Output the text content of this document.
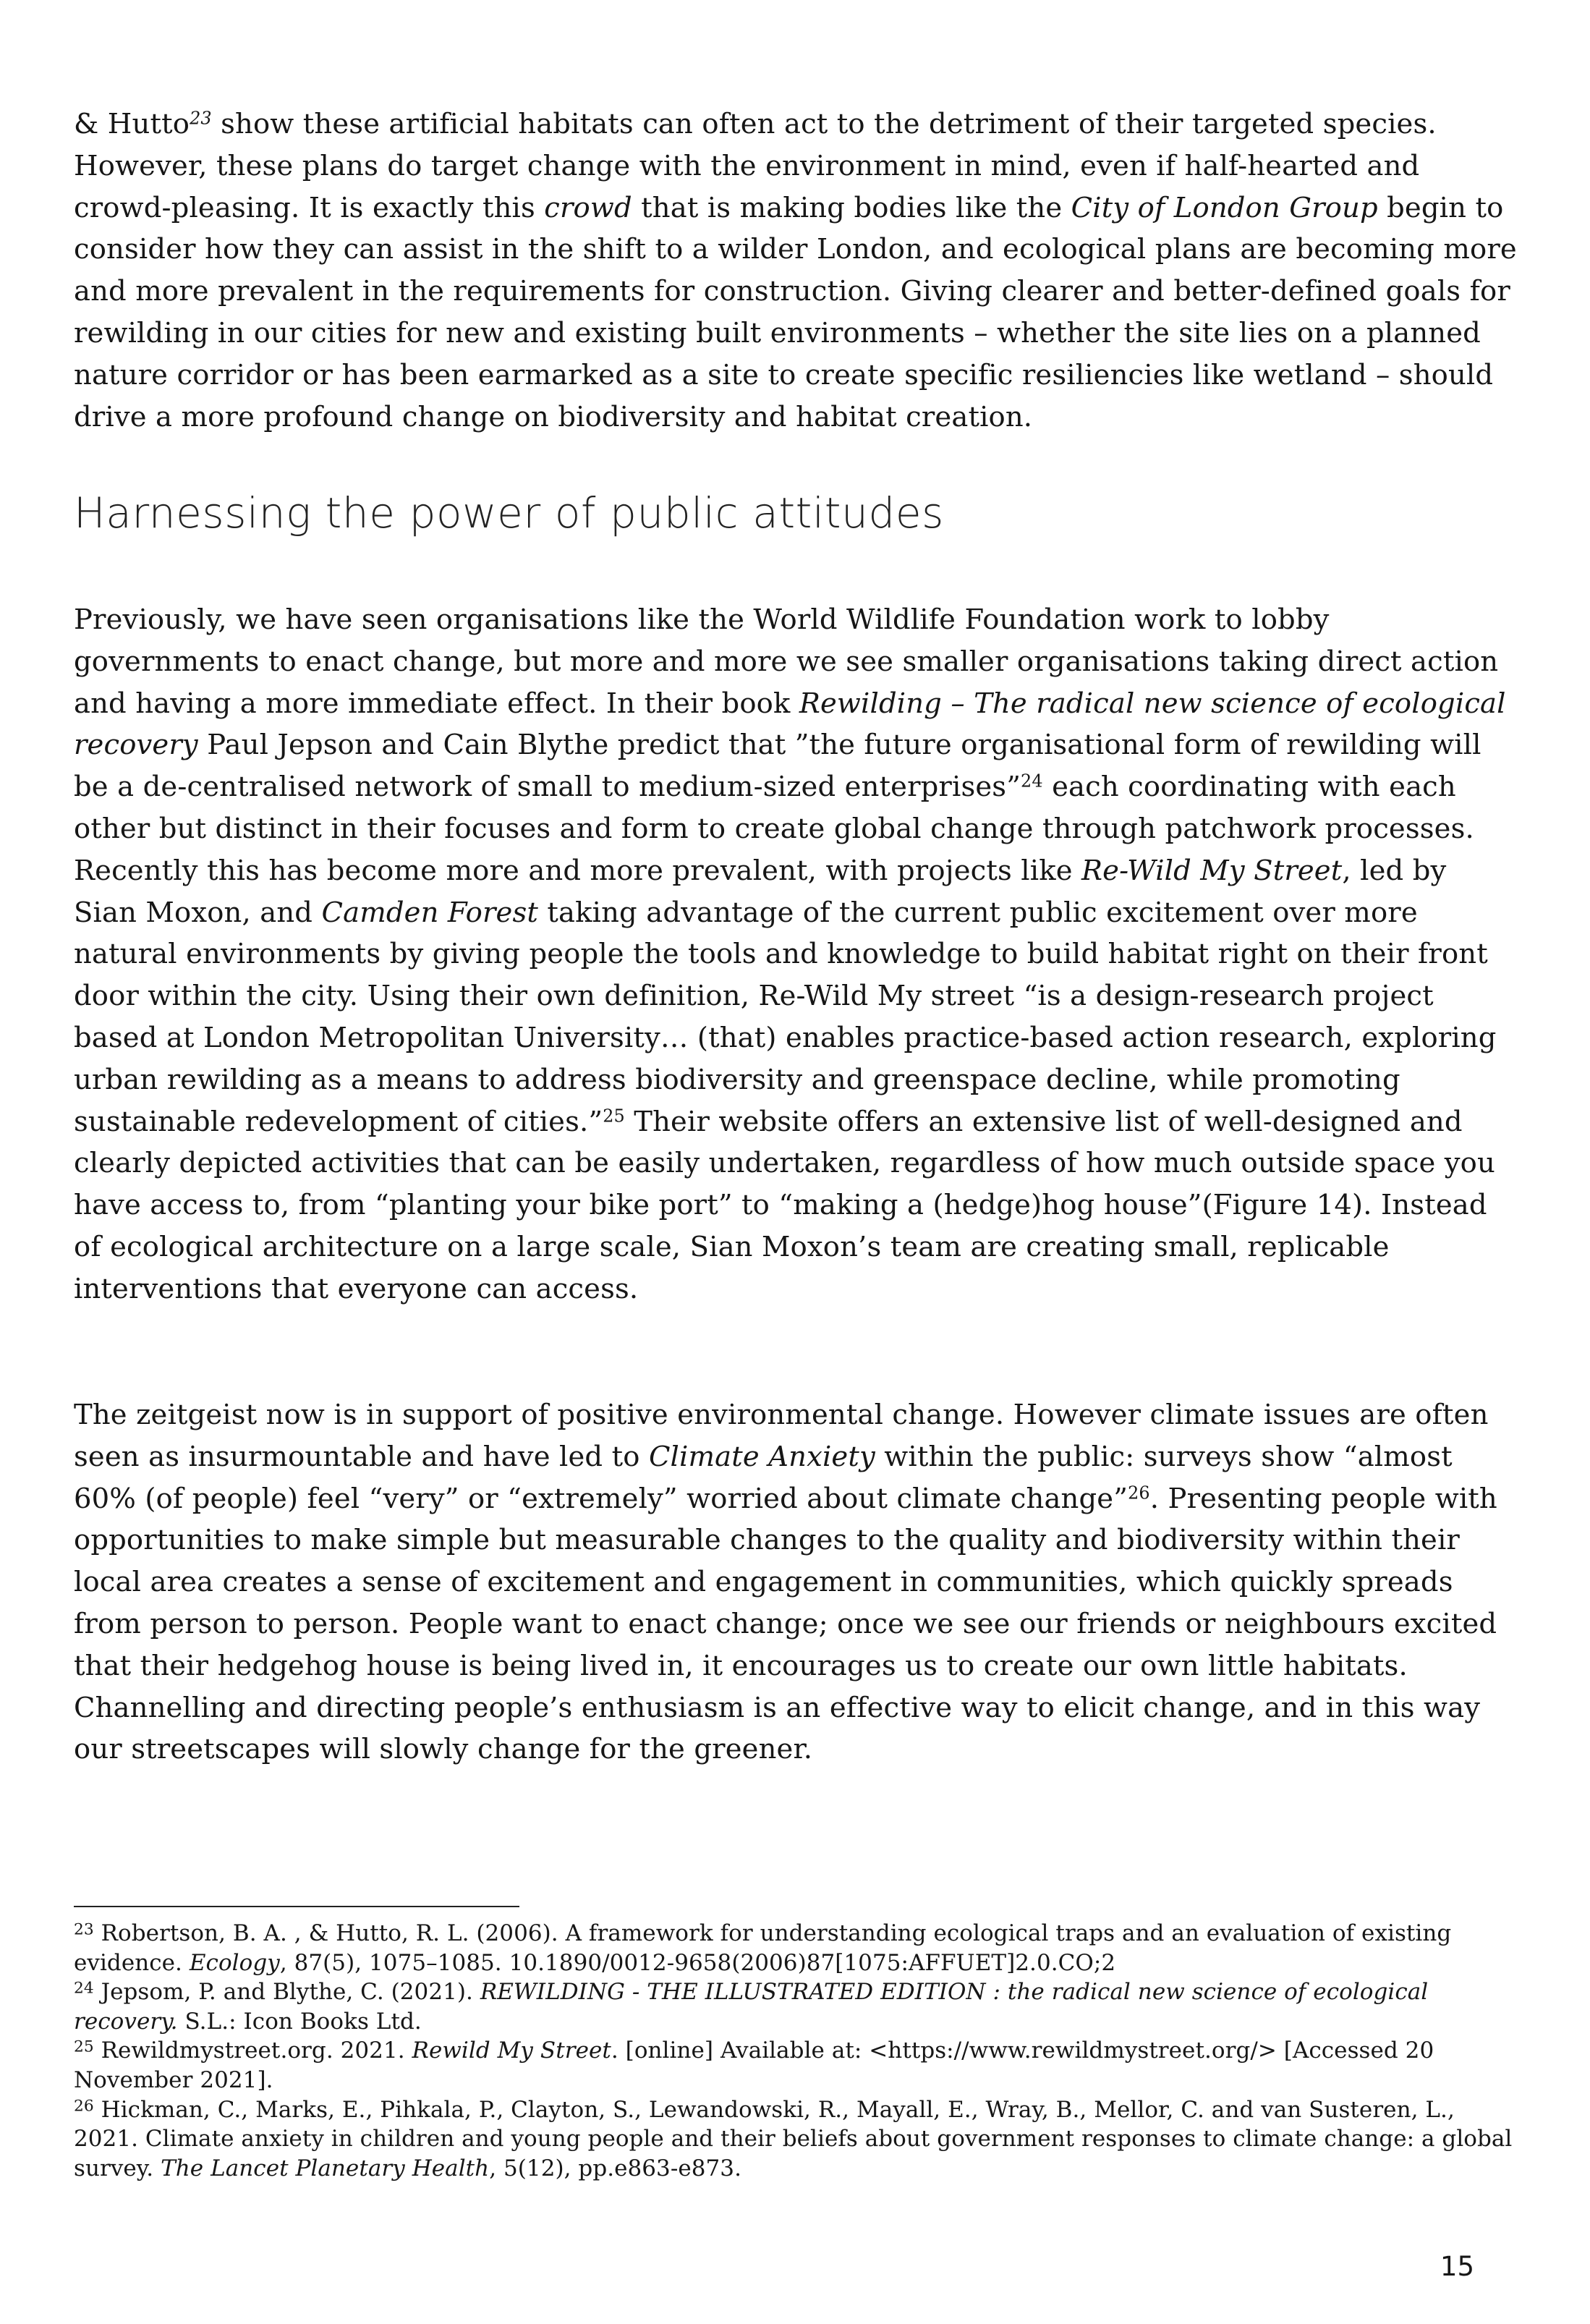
& Hutto$^{23}$ show these artificial habitats can often act to the detriment of their targeted species. However, these plans do target change with the environment in mind, even if half-hearted and crowd-pleasing. It is exactly this crowd that is making bodies like the City of London Group begin to consider how they can assist in the shift to a wilder London, and ecological plans are becoming more and more prevalent in the requirements for construction. Giving clearer and better-defined goals for rewilding in our cities for new and existing built environments – whether the site lies on a planned nature corridor or has been earmarked as a site to create specific resiliencies like wetland – should drive a more profound change on biodiversity and habitat creation.

Harnessing the power of public attitudes

Previously, we have seen organisations like the World Wildlife Foundation work to lobby governments to enact change, but more and more we see smaller organisations taking direct action and having a more immediate effect. In their book Rewilding – The radical new science of ecological recovery Paul Jepson and Cain Blythe predict that ”the future organisational form of rewilding will be a de-centralised network of small to medium-sized enterprises”$^{24}$ each coordinating with each other but distinct in their focuses and form to create global change through patchwork processes. Recently this has become more and more prevalent, with projects like Re-Wild My Street, led by Sian Moxon, and Camden Forest taking advantage of the current public excitement over more natural environments by giving people the tools and knowledge to build habitat right on their front door within the city. Using their own definition, Re-Wild My street “is a design-research project based at London Metropolitan University… (that) enables practice-based action research, exploring urban rewilding as a means to address biodiversity and greenspace decline, while promoting sustainable redevelopment of cities.”$^{25}$ Their website offers an extensive list of well-designed and clearly depicted activities that can be easily undertaken, regardless of how much outside space you have access to, from “planting your bike port” to “making a (hedge)hog house”(Figure 14). Instead of ecological architecture on a large scale, Sian Moxon’s team are creating small, replicable interventions that everyone can access.

The zeitgeist now is in support of positive environmental change. However climate issues are often seen as insurmountable and have led to Climate Anxiety within the public: surveys show “almost 60% (of people) feel “very” or “extremely” worried about climate change”$^{26}$. Presenting people with opportunities to make simple but measurable changes to the quality and biodiversity within their local area creates a sense of excitement and engagement in communities, which quickly spreads from person to person. People want to enact change; once we see our friends or neighbours excited that their hedgehog house is being lived in, it encourages us to create our own little habitats. Channelling and directing people’s enthusiasm is an effective way to elicit change, and in this way our streetscapes will slowly change for the greener.

$^{23}$ Robertson, B. A. , & Hutto, R. L. (2006). A framework for understanding ecological traps and an evaluation of existing evidence. Ecology, 87(5), 1075–1085. 10.1890/0012-9658(2006)87[1075:AFFUET]2.0.CO;2

$^{24}$ Jepsom, P. and Blythe, C. (2021). REWILDING - THE ILLUSTRATED EDITION : the radical new science of ecological recovery. S.L.: Icon Books Ltd.

$^{25}$ Rewildmystreet.org. 2021. Rewild My Street. [online] Available at: <https://www.rewildmystreet.org/> [Accessed 20 November 2021].

$^{26}$ Hickman, C., Marks, E., Pihkala, P., Clayton, S., Lewandowski, R., Mayall, E., Wray, B., Mellor, C. and van Susteren, L., 2021. Climate anxiety in children and young people and their beliefs about government responses to climate change: a global survey. The Lancet Planetary Health, 5(12), pp.e863-e873.

15
